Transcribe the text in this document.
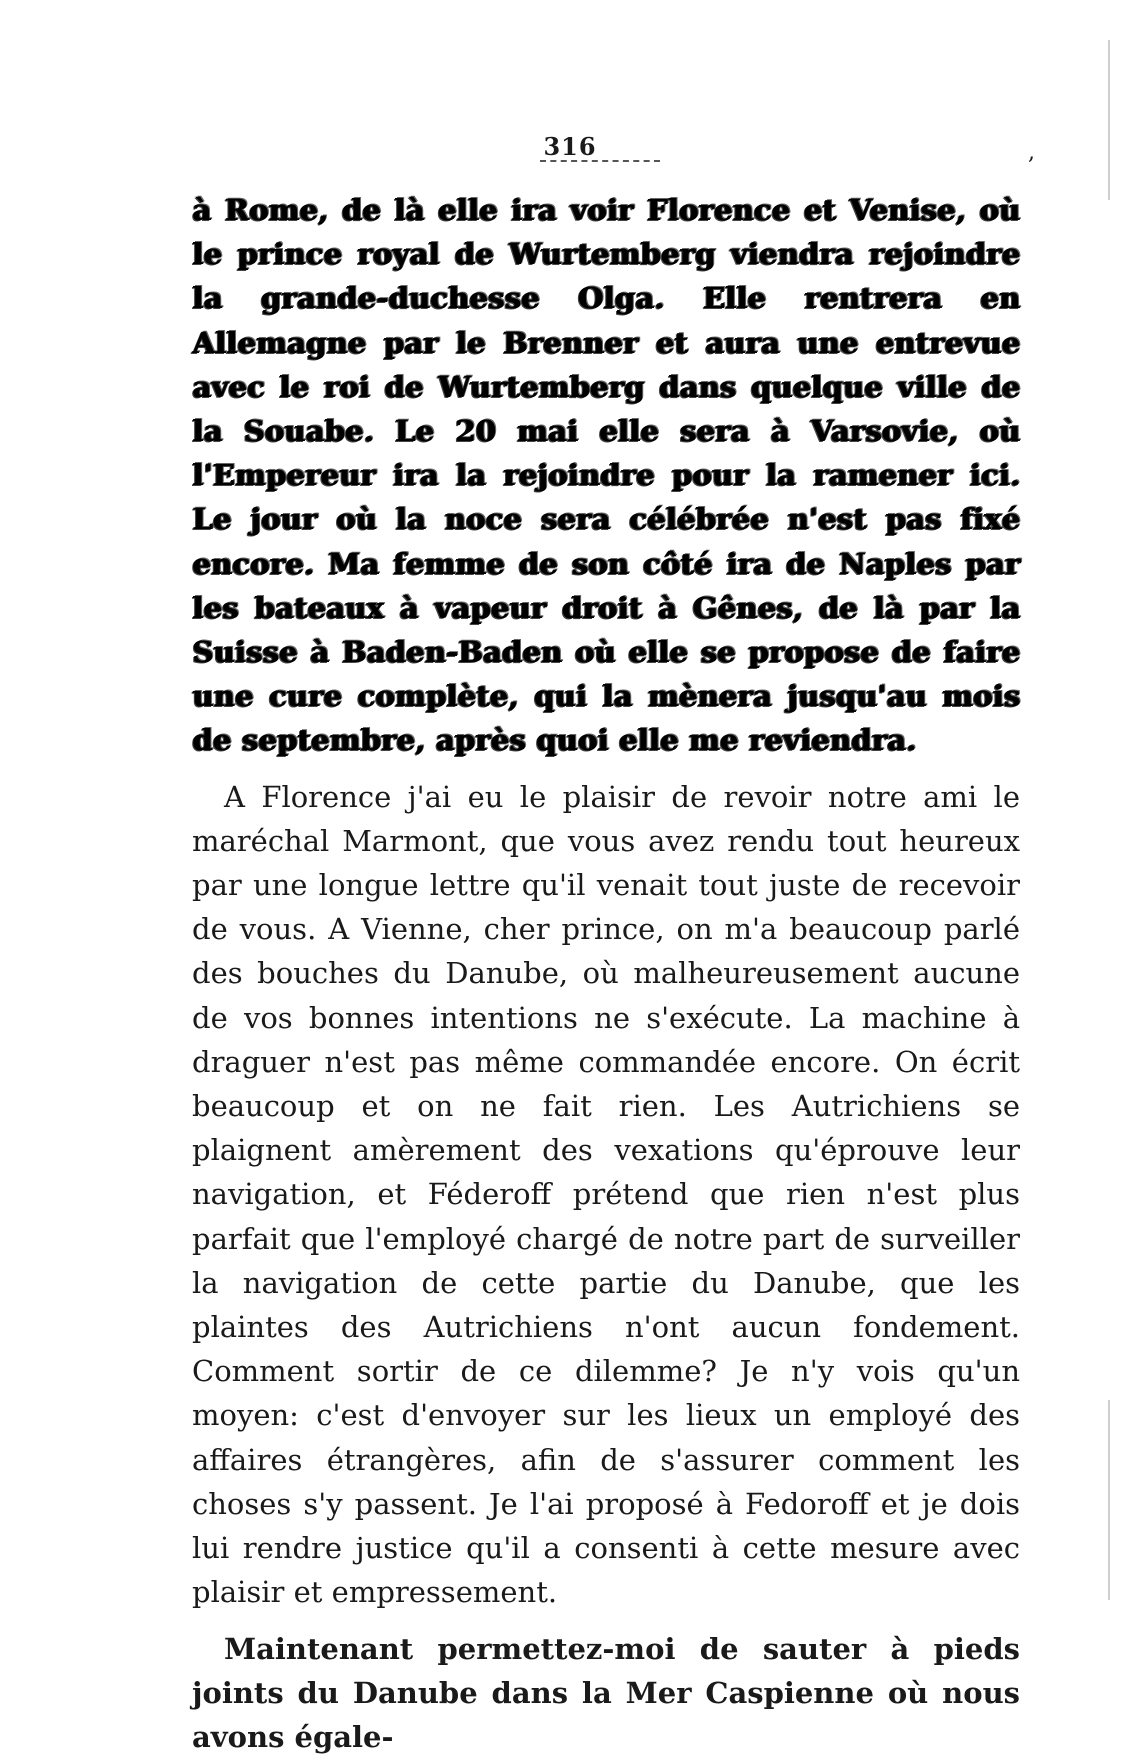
316	,

à Rome, de là elle ira voir Florence et Venise, où le prince royal de Wurtemberg viendra rejoindre la grande-duchesse Olga. Elle rentrera en Allemagne par le Brenner et aura une entrevue avec le roi de Wurtemberg dans quelque ville de la Souabe. Le 20 mai elle sera à Varsovie, où l'Empereur ira la rejoindre pour la ramener ici. Le jour où la noce sera célébrée n'est pas fixé encore. Ma femme de son côté ira de Naples par les bateaux à vapeur droit à Gênes, de là par la Suisse à Baden-Baden où elle se propose de faire une cure complète, qui la mènera jusqu'au mois de septembre, après quoi elle me reviendra.

A Florence j'ai eu le plaisir de revoir notre ami le maréchal Marmont, que vous avez rendu tout heureux par une longue lettre qu'il venait tout juste de recevoir de vous. A Vienne, cher prince, on m'a beaucoup parlé des bouches du Danube, où malheureusement aucune de vos bonnes intentions ne s'exécute. La machine à draguer n'est pas même commandée encore. On écrit beaucoup et on ne fait rien. Les Autrichiens se plaignent amèrement des vexations qu'éprouve leur navigation, et Féderoff prétend que rien n'est plus parfait que l'employé chargé de notre part de surveiller la navigation de cette partie du Danube, que les plaintes des Autrichiens n'ont aucun fondement. Comment sortir de ce dilemme? Je n'y vois qu'un moyen: c'est d'envoyer sur les lieux un employé des affaires étrangères, afin de s'assurer comment les choses s'y passent. Je l'ai proposé à Fedoroff et je dois lui rendre justice qu'il a consenti à cette mesure avec plaisir et empressement.

Maintenant permettez-moi de sauter à pieds joints du Danube dans la Mer Caspienne où nous avons égale-
